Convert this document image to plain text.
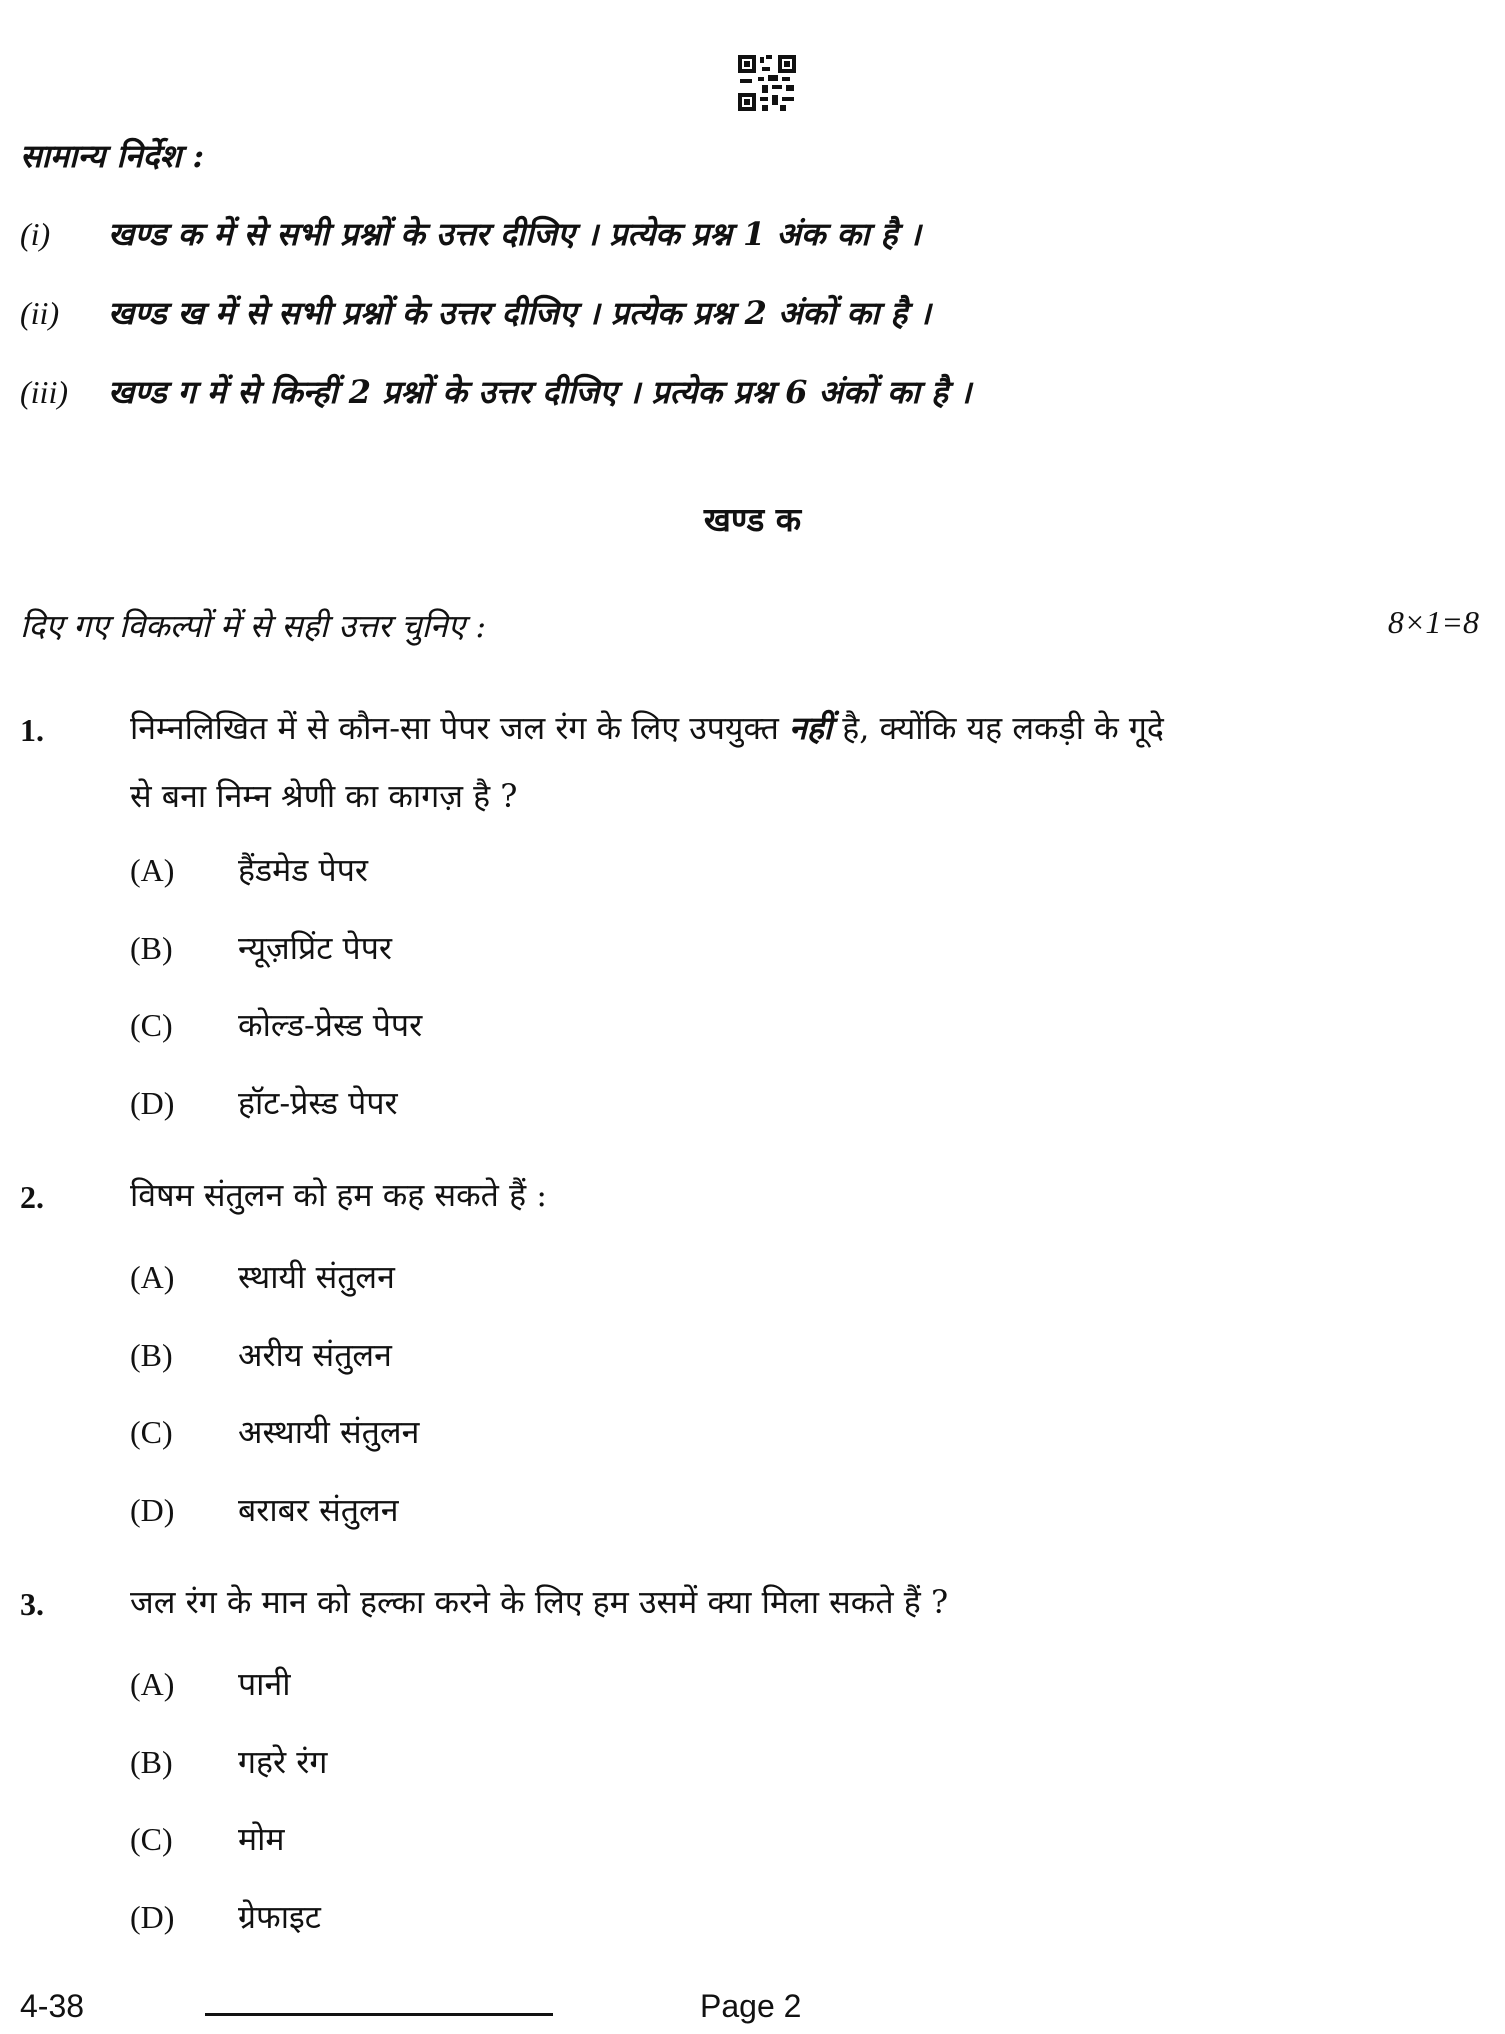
सामान्य निर्देश :
(i) खण्ड क में से सभी प्रश्नों के उत्तर दीजिए । प्रत्येक प्रश्न 1 अंक का है ।
(ii) खण्ड ख में से सभी प्रश्नों के उत्तर दीजिए । प्रत्येक प्रश्न 2 अंकों का है ।
(iii) खण्ड ग में से किन्हीं 2 प्रश्नों के उत्तर दीजिए । प्रत्येक प्रश्न 6 अंकों का है ।
खण्ड क
दिए गए विकल्पों में से सही उत्तर चुनिए :	8×1=8
1.	निम्नलिखित में से कौन-सा पेपर जल रंग के लिए उपयुक्त नहीं है, क्योंकि यह लकड़ी के गूदे
से बना निम्न श्रेणी का कागज़ है ?
(A) हैंडमेड पेपर
(B) न्यूज़प्रिंट पेपर
(C) कोल्ड-प्रेस्ड पेपर
(D) हॉट-प्रेस्ड पेपर
2.	विषम संतुलन को हम कह सकते हैं :
(A) स्थायी संतुलन
(B) अरीय संतुलन
(C) अस्थायी संतुलन
(D) बराबर संतुलन
3.	जल रंग के मान को हल्का करने के लिए हम उसमें क्या मिला सकते हैं ?
(A) पानी
(B) गहरे रंग
(C) मोम
(D) ग्रेफाइट
4-38	Page 2
